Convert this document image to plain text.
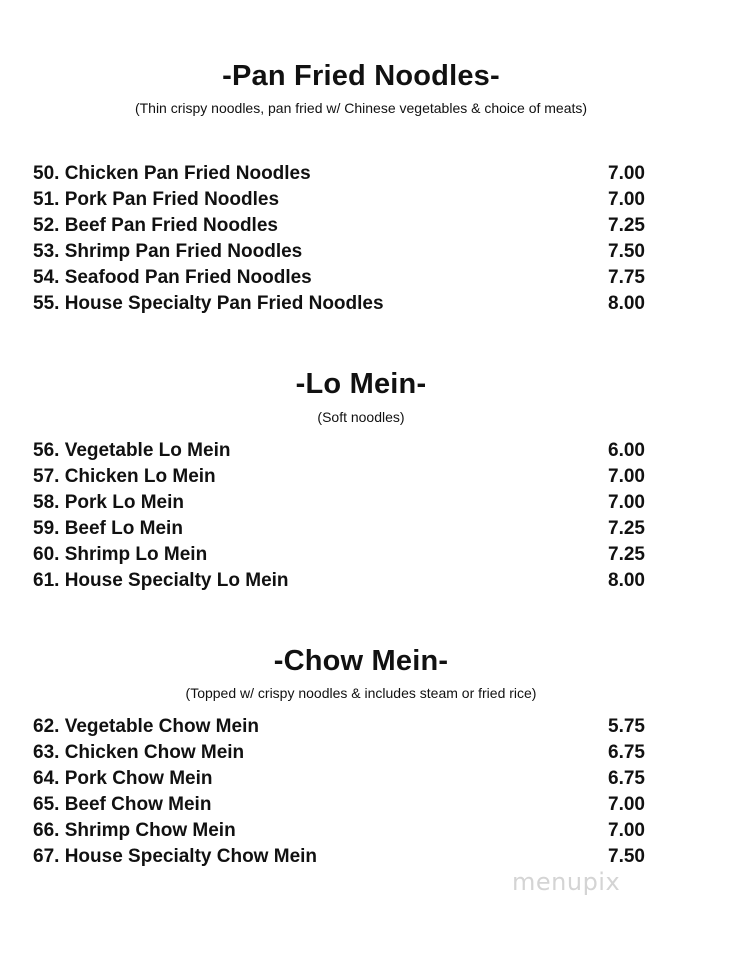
-Pan Fried Noodles-

(Thin crispy noodles, pan fried w/ Chinese vegetables & choice of meats)

50. Chicken Pan Fried Noodles	7.00
51. Pork Pan Fried Noodles	7.00
52. Beef Pan Fried Noodles	7.25
53. Shrimp Pan Fried Noodles	7.50
54. Seafood Pan Fried Noodles	7.75
55. House Specialty Pan Fried Noodles	8.00
-Lo Mein-

(Soft noodles)

56. Vegetable Lo Mein	6.00
57. Chicken Lo Mein	7.00
58. Pork Lo Mein	7.00
59. Beef Lo Mein	7.25
60. Shrimp Lo Mein	7.25
61. House Specialty Lo Mein	8.00
-Chow Mein-

(Topped w/ crispy noodles & includes steam or fried rice)

62. Vegetable Chow Mein	5.75
63. Chicken Chow Mein	6.75
64. Pork Chow Mein	6.75
65. Beef Chow Mein	7.00
66. Shrimp Chow Mein	7.00
67. House Specialty Chow Mein	7.50
menupix
